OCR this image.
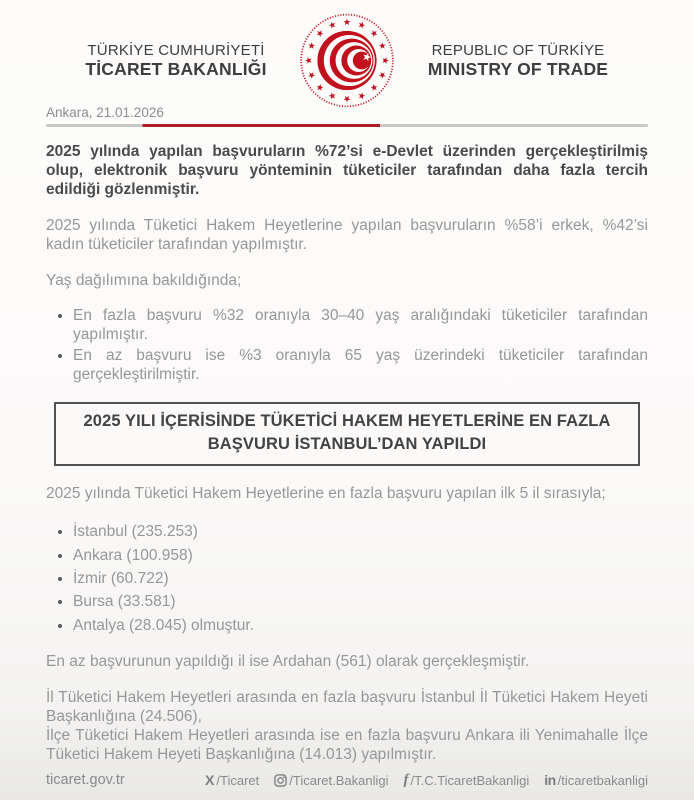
TÜRKİYE CUMHURİYETİ
TİCARET BAKANLIĞI
REPUBLIC OF TÜRKİYE
MINISTRY OF TRADE
Ankara, 21.01.2026

2025 yılında yapılan başvuruların %72’si e-Devlet üzerinden gerçekleştirilmiş olup, elektronik başvuru yönteminin tüketiciler tarafından daha fazla tercih edildiği gözlenmiştir.

2025 yılında Tüketici Hakem Heyetlerine yapılan başvuruların %58’i erkek, %42’si kadın tüketiciler tarafından yapılmıştır.

Yaş dağılımına bakıldığında;

• En fazla başvuru %32 oranıyla 30–40 yaş aralığındaki tüketiciler tarafından yapılmıştır.
• En az başvuru ise %3 oranıyla 65 yaş üzerindeki tüketiciler tarafından gerçekleştirilmiştir.
2025 YILI İÇERİSİNDE TÜKETİCİ HAKEM HEYETLERİNE EN FAZLA BAŞVURU İSTANBUL’DAN YAPILDI

2025 yılında Tüketici Hakem Heyetlerine en fazla başvuru yapılan ilk 5 il sırasıyla;

• İstanbul (235.253)
• Ankara (100.958)
• İzmir (60.722)
• Bursa (33.581)
• Antalya (28.045) olmuştur.

En az başvurunun yapıldığı il ise Ardahan (561) olarak gerçekleşmiştir.

İl Tüketici Hakem Heyetleri arasında en fazla başvuru İstanbul İl Tüketici Hakem Heyeti Başkanlığına (24.506),

İlçe Tüketici Hakem Heyetleri arasında ise en fazla başvuru Ankara ili Yenimahalle İlçe Tüketici Hakem Heyeti Başkanlığına (14.013) yapılmıştır.

ticaret.gov.tr	X /Ticaret /Ticaret.Bakanligi f /T.C.TicaretBakanligi in /ticaretbakanligi
